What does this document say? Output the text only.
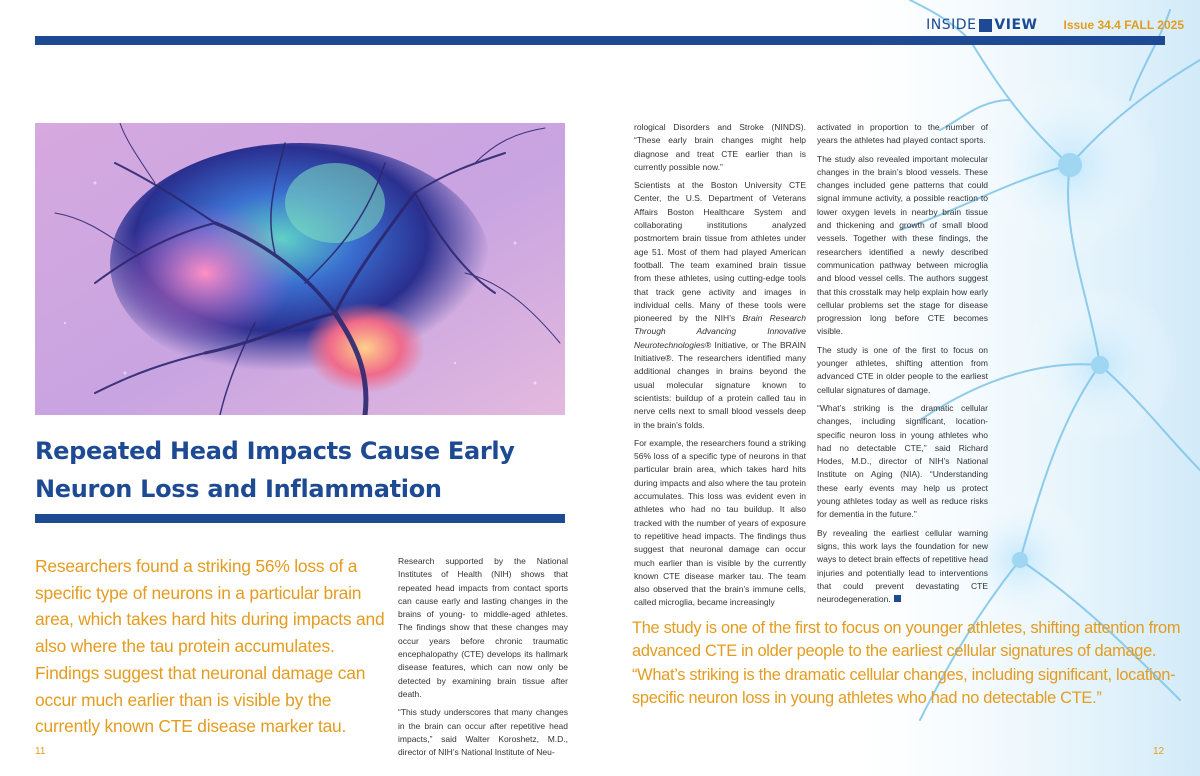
INSIDE VIEW Issue 34.4 FALL 2025
Repeated Head Impacts Cause Early Neuron Loss and Inflammation
Researchers found a striking 56% loss of a specific type of neurons in a particular brain area, which takes hard hits during impacts and also where the tau protein accumulates. Findings suggest that neuronal damage can occur much earlier than is visible by the currently known CTE disease marker tau.

Research supported by the National Institutes of Health (NIH) shows that repeated head impacts from contact sports can cause early and lasting changes in the brains of young- to middle-aged athletes. The findings show that these changes may occur years before chronic traumatic encephalopathy (CTE) develops its hallmark disease features, which can now only be detected by examining brain tissue after death.

“This study underscores that many changes in the brain can occur after repetitive head impacts,” said Walter Koroshetz, M.D., director of NIH’s National Institute of Neu-

rological Disorders and Stroke (NINDS). “These early brain changes might help diagnose and treat CTE earlier than is currently possible now.”

Scientists at the Boston University CTE Center, the U.S. Department of Veterans Affairs Boston Healthcare System and collaborating institutions analyzed postmortem brain tissue from athletes under age 51. Most of them had played American football. The team examined brain tissue from these athletes, using cutting-edge tools that track gene activity and images in individual cells. Many of these tools were pioneered by the NIH’s Brain Research Through Advancing Innovative Neurotechnologies® Initiative, or The BRAIN Initiative®. The researchers identified many additional changes in brains beyond the usual molecular signature known to scientists: buildup of a protein called tau in nerve cells next to small blood vessels deep in the brain’s folds.

For example, the researchers found a striking 56% loss of a specific type of neurons in that particular brain area, which takes hard hits during impacts and also where the tau protein accumulates. This loss was evident even in athletes who had no tau buildup. It also tracked with the number of years of exposure to repetitive head impacts. The findings thus suggest that neuronal damage can occur much earlier than is visible by the currently known CTE disease marker tau. The team also observed that the brain’s immune cells, called microglia, became increasingly

activated in proportion to the number of years the athletes had played contact sports.

The study also revealed important molecular changes in the brain’s blood vessels. These changes included gene patterns that could signal immune activity, a possible reaction to lower oxygen levels in nearby brain tissue and thickening and growth of small blood vessels. Together with these findings, the researchers identified a newly described communication pathway between microglia and blood vessel cells. The authors suggest that this crosstalk may help explain how early cellular problems set the stage for disease progression long before CTE becomes visible.

The study is one of the first to focus on younger athletes, shifting attention from advanced CTE in older people to the earliest cellular signatures of damage.

“What’s striking is the dramatic cellular changes, including significant, location-specific neuron loss in young athletes who had no detectable CTE,” said Richard Hodes, M.D., director of NIH’s National Institute on Aging (NIA). “Understanding these early events may help us protect young athletes today as well as reduce risks for dementia in the future.”

By revealing the earliest cellular warning signs, this work lays the foundation for new ways to detect brain effects of repetitive head injuries and potentially lead to interventions that could prevent devastating CTE neurodegeneration.

The study is one of the first to focus on younger athletes, shifting attention from
advanced CTE in older people to the earliest cellular signatures of damage.
“What’s striking is the dramatic cellular changes, including significant, location-
specific neuron loss in young athletes who had no detectable CTE.”
11	12
